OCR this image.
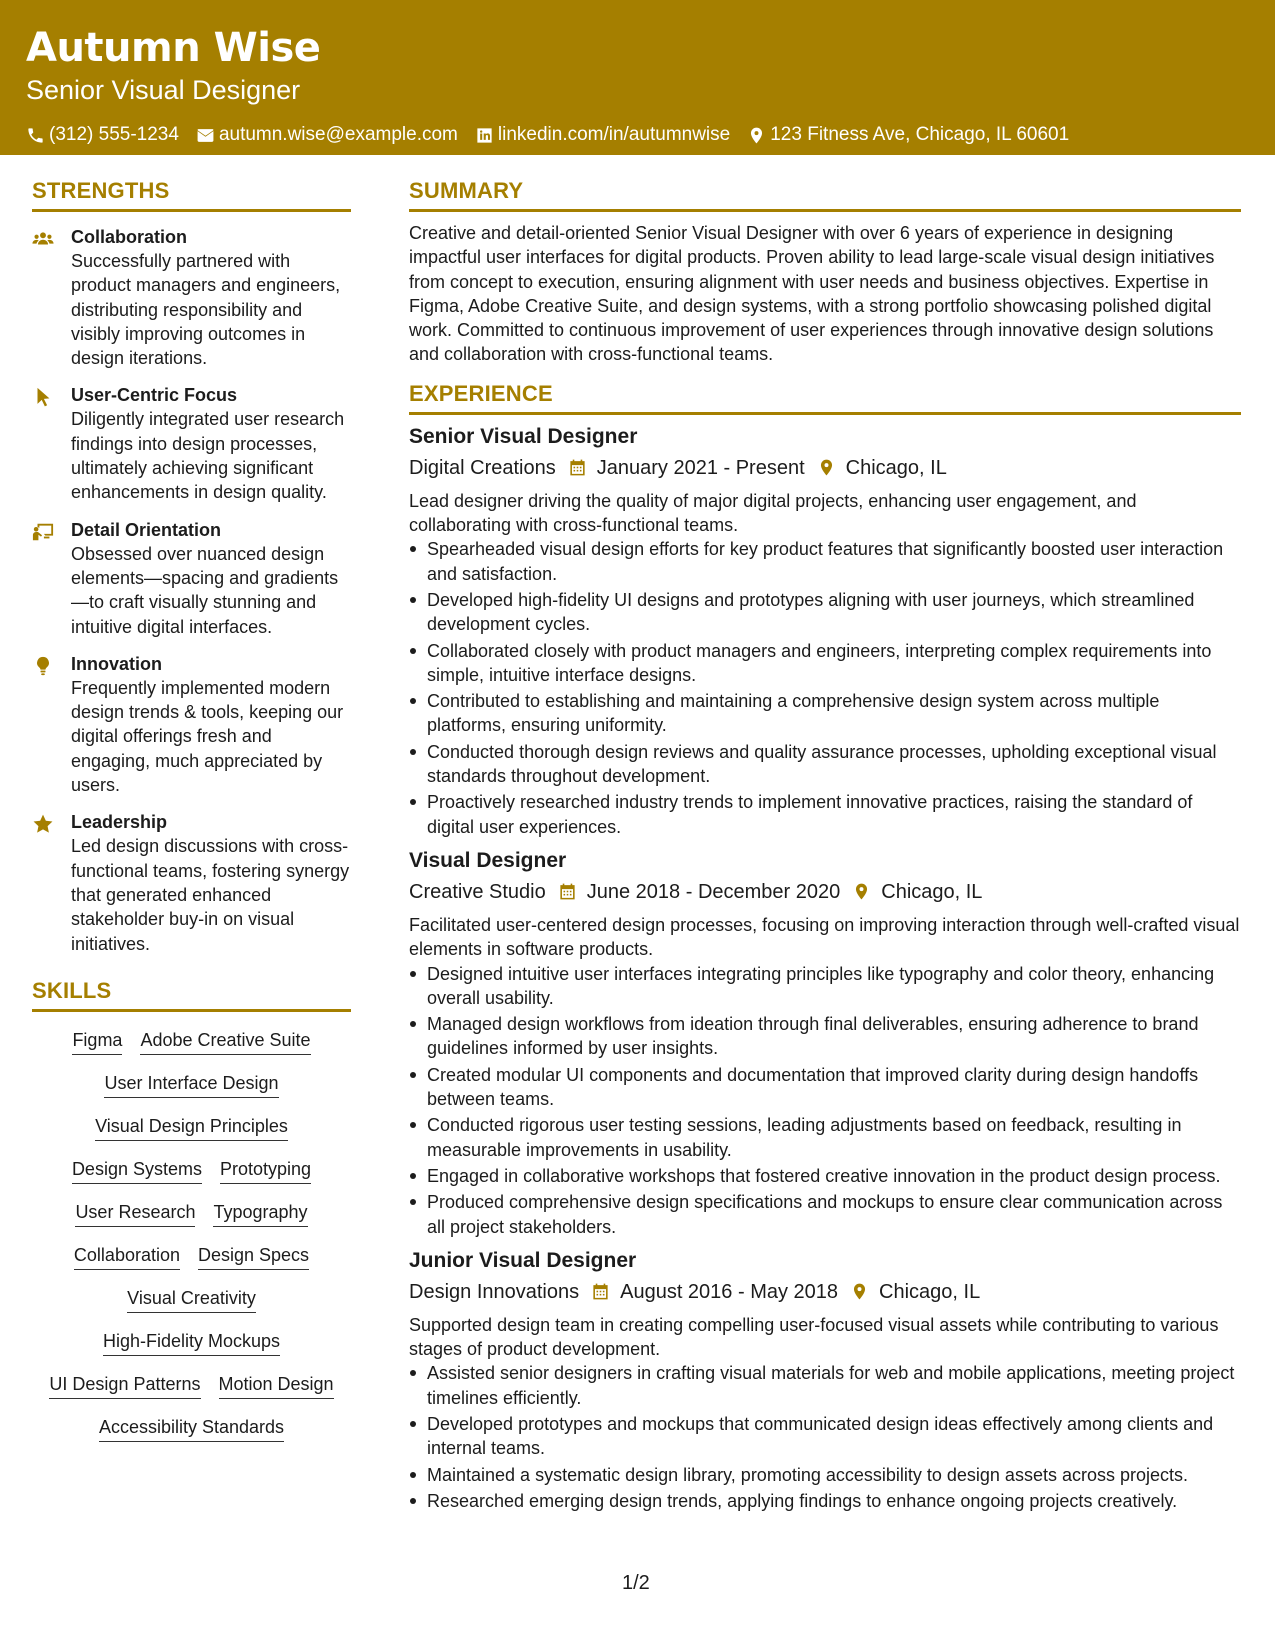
Autumn Wise
Senior Visual Designer
(312) 555-1234 autumn.wise@example.com linkedin.com/in/autumnwise 123 Fitness Ave, Chicago, IL 60601
STRENGTHS
Collaboration
Successfully partnered with product managers and engineers, distributing responsibility and visibly improving outcomes in design iterations.
User-Centric Focus
Diligently integrated user research findings into design processes, ultimately achieving significant enhancements in design quality.
Detail Orientation
Obsessed over nuanced design elements—spacing and gradients—to craft visually stunning and intuitive digital interfaces.
Innovation
Frequently implemented modern design trends & tools, keeping our digital offerings fresh and engaging, much appreciated by users.
Leadership
Led design discussions with cross-functional teams, fostering synergy that generated enhanced stakeholder buy-in on visual initiatives.
SKILLS
Figma Adobe Creative Suite
User Interface Design
Visual Design Principles
Design Systems Prototyping
User Research Typography
Collaboration Design Specs
Visual Creativity
High-Fidelity Mockups
UI Design Patterns Motion Design
Accessibility Standards
SUMMARY
Creative and detail-oriented Senior Visual Designer with over 6 years of experience in designing impactful user interfaces for digital products. Proven ability to lead large-scale visual design initiatives from concept to execution, ensuring alignment with user needs and business objectives. Expertise in Figma, Adobe Creative Suite, and design systems, with a strong portfolio showcasing polished digital work. Committed to continuous improvement of user experiences through innovative design solutions and collaboration with cross-functional teams.
EXPERIENCE
Senior Visual Designer
Digital Creations January 2021 - Present Chicago, IL
Lead designer driving the quality of major digital projects, enhancing user engagement, and collaborating with cross-functional teams.
Spearheaded visual design efforts for key product features that significantly boosted user interaction and satisfaction.
Developed high-fidelity UI designs and prototypes aligning with user journeys, which streamlined development cycles.
Collaborated closely with product managers and engineers, interpreting complex requirements into simple, intuitive interface designs.
Contributed to establishing and maintaining a comprehensive design system across multiple platforms, ensuring uniformity.
Conducted thorough design reviews and quality assurance processes, upholding exceptional visual standards throughout development.
Proactively researched industry trends to implement innovative practices, raising the standard of digital user experiences.
Visual Designer
Creative Studio June 2018 - December 2020 Chicago, IL
Facilitated user-centered design processes, focusing on improving interaction through well-crafted visual elements in software products.
Designed intuitive user interfaces integrating principles like typography and color theory, enhancing overall usability.
Managed design workflows from ideation through final deliverables, ensuring adherence to brand guidelines informed by user insights.
Created modular UI components and documentation that improved clarity during design handoffs between teams.
Conducted rigorous user testing sessions, leading adjustments based on feedback, resulting in measurable improvements in usability.
Engaged in collaborative workshops that fostered creative innovation in the product design process.
Produced comprehensive design specifications and mockups to ensure clear communication across all project stakeholders.
Junior Visual Designer
Design Innovations August 2016 - May 2018 Chicago, IL
Supported design team in creating compelling user-focused visual assets while contributing to various stages of product development.
Assisted senior designers in crafting visual materials for web and mobile applications, meeting project timelines efficiently.
Developed prototypes and mockups that communicated design ideas effectively among clients and internal teams.
Maintained a systematic design library, promoting accessibility to design assets across projects.
Researched emerging design trends, applying findings to enhance ongoing projects creatively.
1/2
